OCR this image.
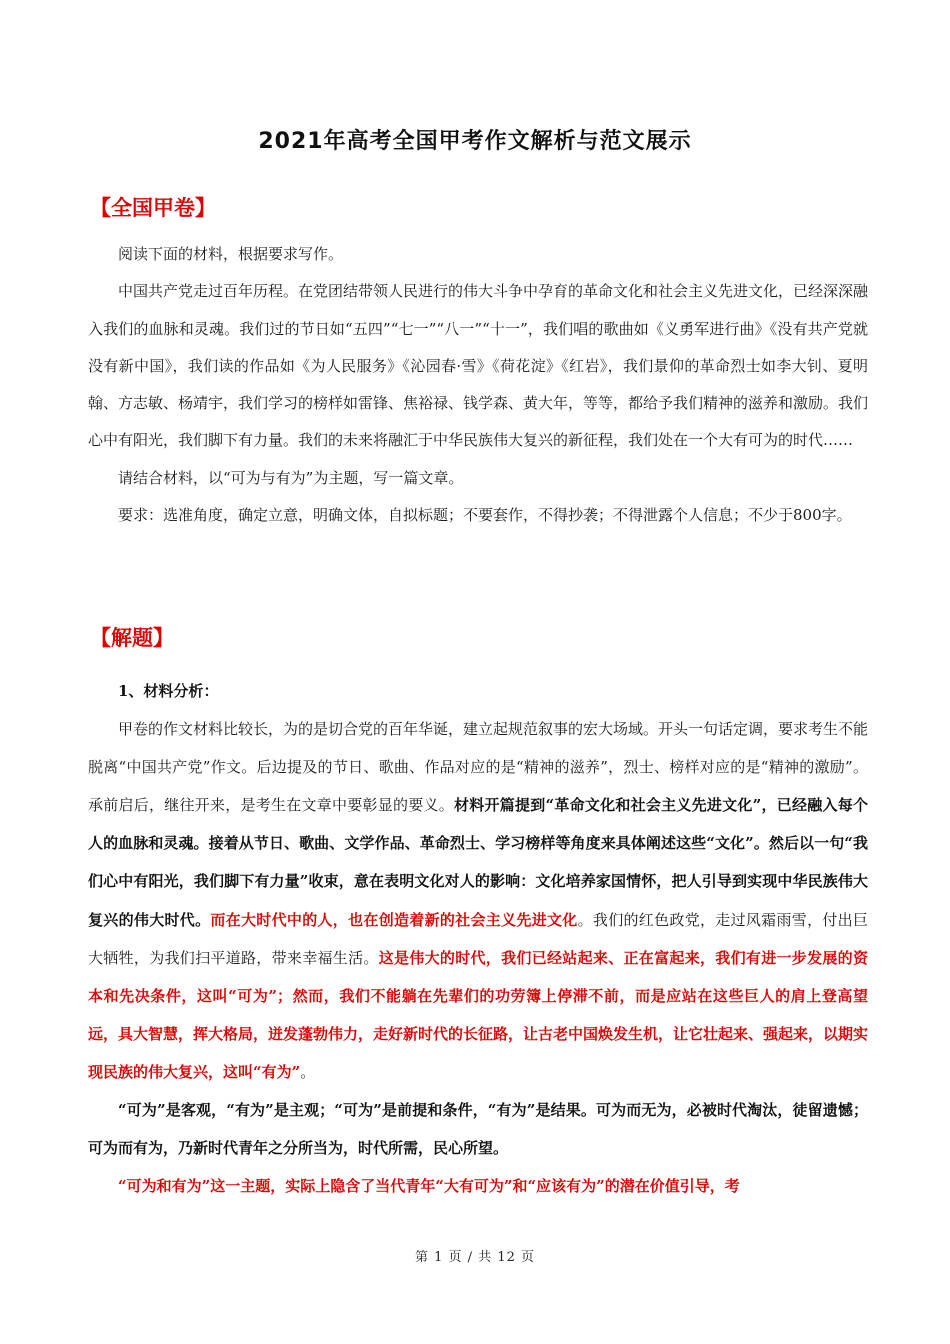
2021年高考全国甲考作文解析与范文展示
【全国甲卷】

阅读下面的材料，根据要求写作。

中国共产党走过百年历程。在党团结带领人民进行的伟大斗争中孕育的革命文化和社会主义先进文化，已经深深融入我们的血脉和灵魂。我们过的节日如“五四”“七一”“八一”“十一”，我们唱的歌曲如《义勇军进行曲》《没有共产党就没有新中国》，我们读的作品如《为人民服务》《沁园春·雪》《荷花淀》《红岩》，我们景仰的革命烈士如李大钊、夏明翰、方志敏、杨靖宇，我们学习的榜样如雷锋、焦裕禄、钱学森、黄大年，等等，都给予我们精神的滋养和激励。我们心中有阳光，我们脚下有力量。我们的未来将融汇于中华民族伟大复兴的新征程，我们处在一个大有可为的时代……

请结合材料，以“可为与有为”为主题，写一篇文章。

要求：选准角度，确定立意，明确文体，自拟标题；不要套作，不得抄袭；不得泄露个人信息；不少于800字。

【解题】

1、材料分析：

甲卷的作文材料比较长，为的是切合党的百年华诞，建立起规范叙事的宏大场域。开头一句话定调，要求考生不能脱离“中国共产党”作文。后边提及的节日、歌曲、作品对应的是“精神的滋养”，烈士、榜样对应的是“精神的激励”。承前启后，继往开来，是考生在文章中要彰显的要义。材料开篇提到“革命文化和社会主义先进文化”，已经融入每个人的血脉和灵魂。接着从节日、歌曲、文学作品、革命烈士、学习榜样等角度来具体阐述这些“文化”。然后以一句“我们心中有阳光，我们脚下有力量”收束，意在表明文化对人的影响：文化培养家国情怀，把人引导到实现中华民族伟大复兴的伟大时代。而在大时代中的人，也在创造着新的社会主义先进文化。我们的红色政党，走过风霜雨雪，付出巨大牺牲，为我们扫平道路，带来幸福生活。这是伟大的时代，我们已经站起来、正在富起来，我们有进一步发展的资本和先决条件，这叫“可为”；然而，我们不能躺在先辈们的功劳簿上停滞不前，而是应站在这些巨人的肩上登高望远，具大智慧，挥大格局，迸发蓬勃伟力，走好新时代的长征路，让古老中国焕发生机，让它壮起来、强起来，以期实现民族的伟大复兴，这叫“有为”。

“可为”是客观，“有为”是主观；“可为”是前提和条件，“有为”是结果。可为而无为，必被时代淘汰，徒留遗憾；可为而有为，乃新时代青年之分所当为，时代所需，民心所望。

“可为和有为”这一主题，实际上隐含了当代青年“大有可为”和“应该有为”的潜在价值引导，考

第 1 页 / 共 12 页
